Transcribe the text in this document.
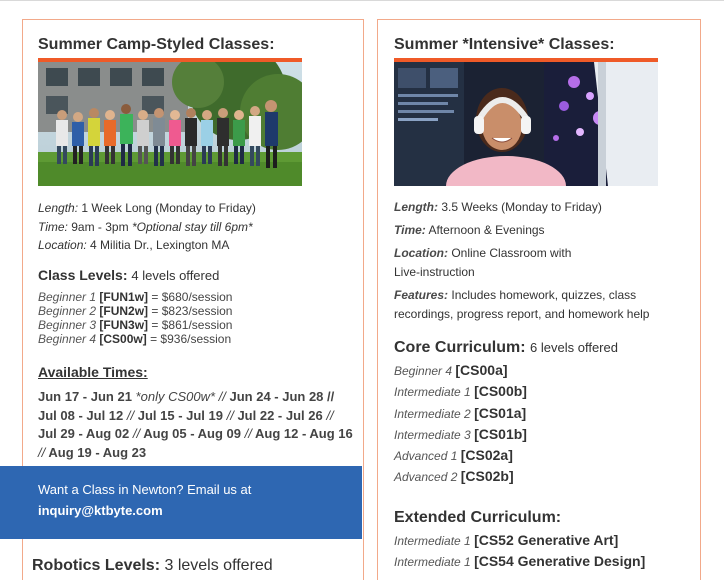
Summer Camp-Styled Classes:
Length: 1 Week Long (Monday to Friday)
Time: 9am - 3pm *Optional stay till 6pm*
Location: 4 Militia Dr., Lexington MA
Class Levels: 4 levels offered
Beginner 1 [FUN1w] = $680/session
Beginner 2 [FUN2w] = $823/session
Beginner 3 [FUN3w] = $861/session
Beginner 4 [CS00w] = $936/session
Available Times:
Jun 17 - Jun 21 *only CS00w* // Jun 24 - Jun 28 // Jul 08 - Jul 12 // Jul 15 - Jul 19 // Jul 22 - Jul 26 // Jul 29 - Aug 02 // Aug 05 - Aug 09 // Aug 12 - Aug 16 // Aug 19 - Aug 23
Want a Class in Newton? Email us at
inquiry@ktbyte.com
Robotics Levels: 3 levels offered
Summer *Intensive* Classes:
Length: 3.5 Weeks (Monday to Friday)
Time: Afternoon & Evenings
Location: Online Classroom with
Live-instruction
Features: Includes homework, quizzes, class
recordings, progress report, and homework help
Core Curriculum: 6 levels offered
Beginner 4 [CS00a]
Intermediate 1 [CS00b]
Intermediate 2 [CS01a]
Intermediate 3 [CS01b]
Advanced 1 [CS02a]
Advanced 2 [CS02b]
Extended Curriculum:
Intermediate 1 [CS52 Generative Art]
Intermediate 1 [CS54 Generative Design]
